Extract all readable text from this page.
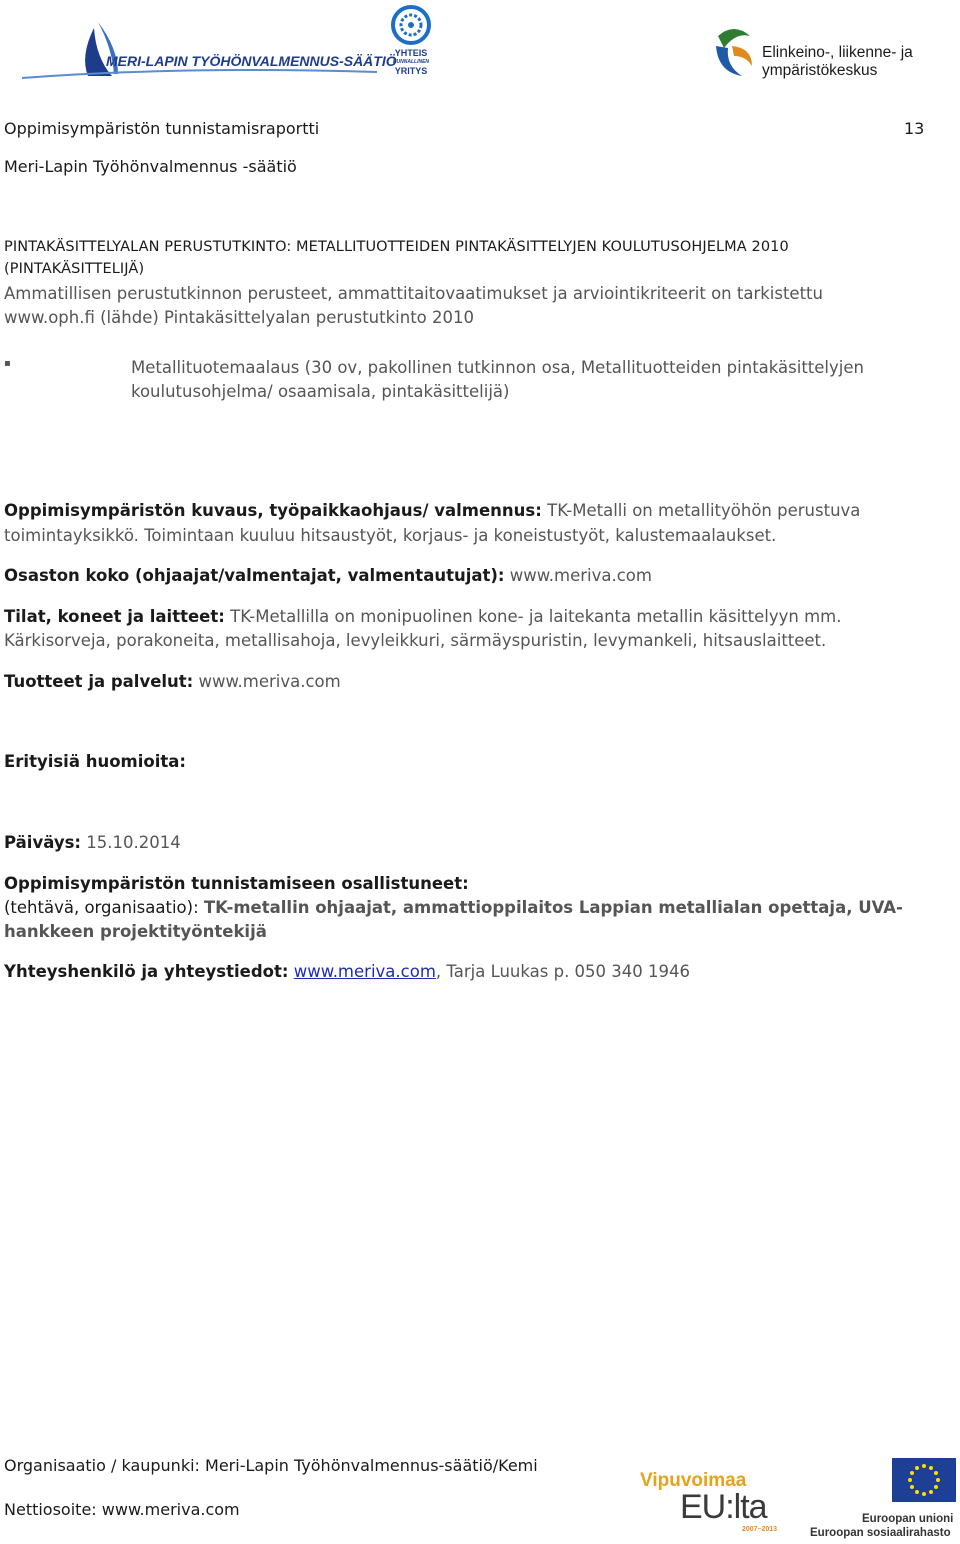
MERI-LAPIN TYÖHÖNVALMENNUS-SÄÄTIÖ
YHTEIS
KUNNALLINEN
YRITYS
Elinkeino-, liikenne- ja
ympäristökeskus
Oppimisympäristön tunnistamisraportti	13
Meri-Lapin Työhönvalmennus -säätiö
PINTAKÄSITTELYALAN PERUSTUTKINTO: METALLITUOTTEIDEN PINTAKÄSITTELYJEN KOULUTUSOHJELMA 2010
(PINTAKÄSITTELIJÄ)
Ammatillisen perustutkinnon perusteet, ammattitaitovaatimukset ja arviointikriteerit on tarkistettu
www.oph.fi (lähde) Pintakäsittelyalan perustutkinto 2010
▪	Metallituotemaalaus (30 ov, pakollinen tutkinnon osa, Metallituotteiden pintakäsittelyjen
koulutusohjelma/ osaamisala, pintakäsittelijä)
Oppimisympäristön kuvaus, työpaikkaohjaus/ valmennus: TK-Metalli on metallityöhön perustuva
toimintayksikkö. Toimintaan kuuluu hitsaustyöt, korjaus- ja koneistustyöt, kalustemaalaukset.
Osaston koko (ohjaajat/valmentajat, valmentautujat): www.meriva.com
Tilat, koneet ja laitteet: TK-Metallilla on monipuolinen kone- ja laitekanta metallin käsittelyyn mm.
Kärkisorveja, porakoneita, metallisahoja, levyleikkuri, särmäyspuristin, levymankeli, hitsauslaitteet.
Tuotteet ja palvelut: www.meriva.com
Erityisiä huomioita:
Päiväys: 15.10.2014
Oppimisympäristön tunnistamiseen osallistuneet:
(tehtävä, organisaatio): TK-metallin ohjaajat, ammattioppilaitos Lappian metallialan opettaja, UVA-
hankkeen projektityöntekijä
Yhteyshenkilö ja yhteystiedot: www.meriva.com, Tarja Luukas p. 050 340 1946
Organisaatio / kaupunki: Meri-Lapin Työhönvalmennus-säätiö/Kemi
Nettiosoite: www.meriva.com
Vipuvoimaa
EU:lta
2007–2013
Euroopan unioni
Euroopan sosiaalirahasto
